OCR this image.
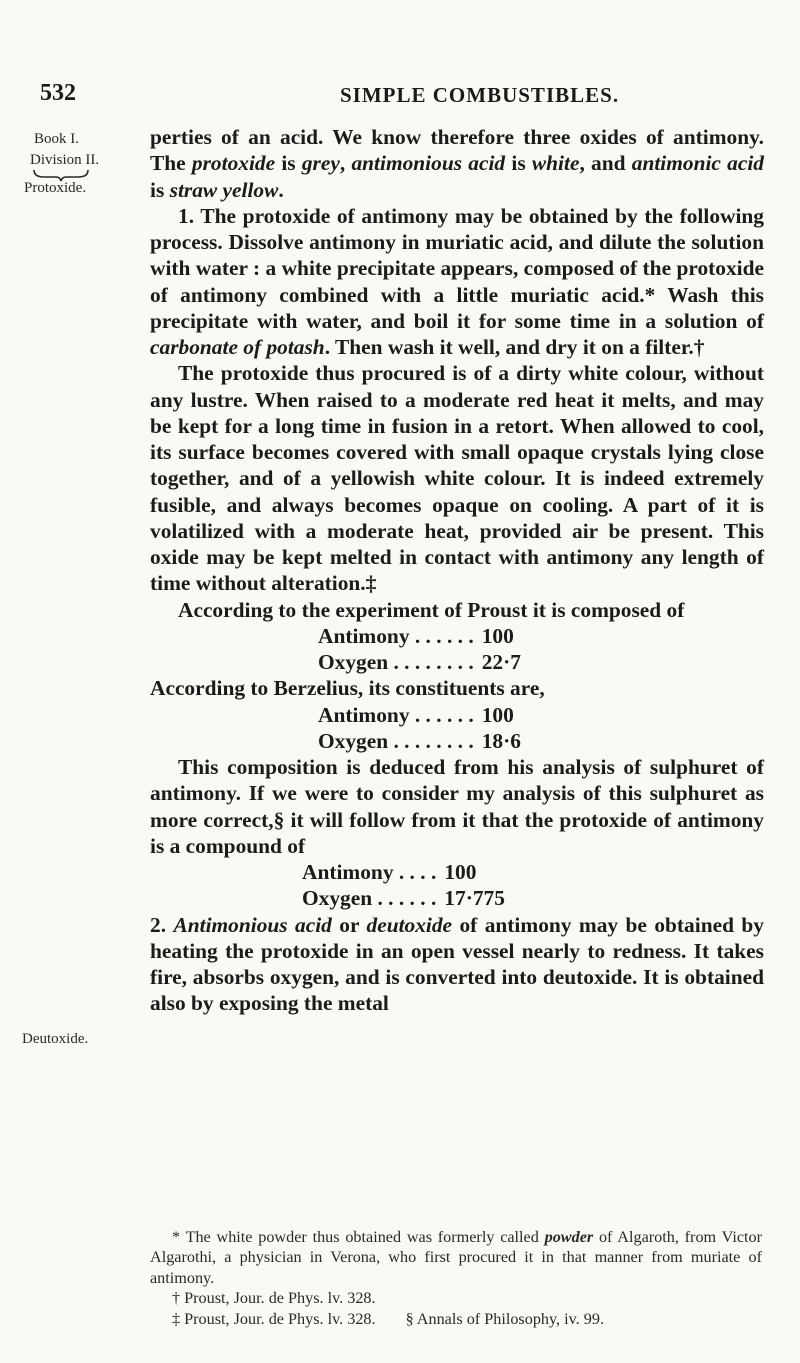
532	SIMPLE COMBUSTIBLES.
Book I.
Division II.
Protoxide.
Deutoxide.

perties of an acid. We know therefore three oxides of antimony. The protoxide is grey, antimonious acid is white, and antimonic acid is straw yellow.

1. The protoxide of antimony may be obtained by the following process. Dissolve antimony in muriatic acid, and dilute the solution with water : a white precipitate appears, composed of the protoxide of antimony combined with a little muriatic acid.* Wash this precipitate with water, and boil it for some time in a solution of carbonate of potash. Then wash it well, and dry it on a filter.†

The protoxide thus procured is of a dirty white colour, without any lustre. When raised to a moderate red heat it melts, and may be kept for a long time in fusion in a retort. When allowed to cool, its surface becomes covered with small opaque crystals lying close together, and of a yellowish white colour. It is indeed extremely fusible, and always becomes opaque on cooling. A part of it is volatilized with a moderate heat, provided air be present. This oxide may be kept melted in contact with antimony any length of time without alteration.‡

According to the experiment of Proust it is composed of

Antimony . . . . . . 100
Oxygen . . . . . . . . 22·7

According to Berzelius, its constituents are,

Antimony . . . . . . 100
Oxygen . . . . . . . . 18·6

This composition is deduced from his analysis of sulphuret of antimony. If we were to consider my analysis of this sulphuret as more correct,§ it will follow from it that the protoxide of antimony is a compound of

Antimony . . . . 100
Oxygen . . . . . . 17·775

2. Antimonious acid or deutoxide of antimony may be obtained by heating the protoxide in an open vessel nearly to redness. It takes fire, absorbs oxygen, and is converted into deutoxide. It is obtained also by exposing the metal

* The white powder thus obtained was formerly called powder of Algaroth, from Victor Algarothi, a physician in Verona, who first procured it in that manner from muriate of antimony.

† Proust, Jour. de Phys. lv. 328.

‡ Proust, Jour. de Phys. lv. 328. § Annals of Philosophy, iv. 99.
